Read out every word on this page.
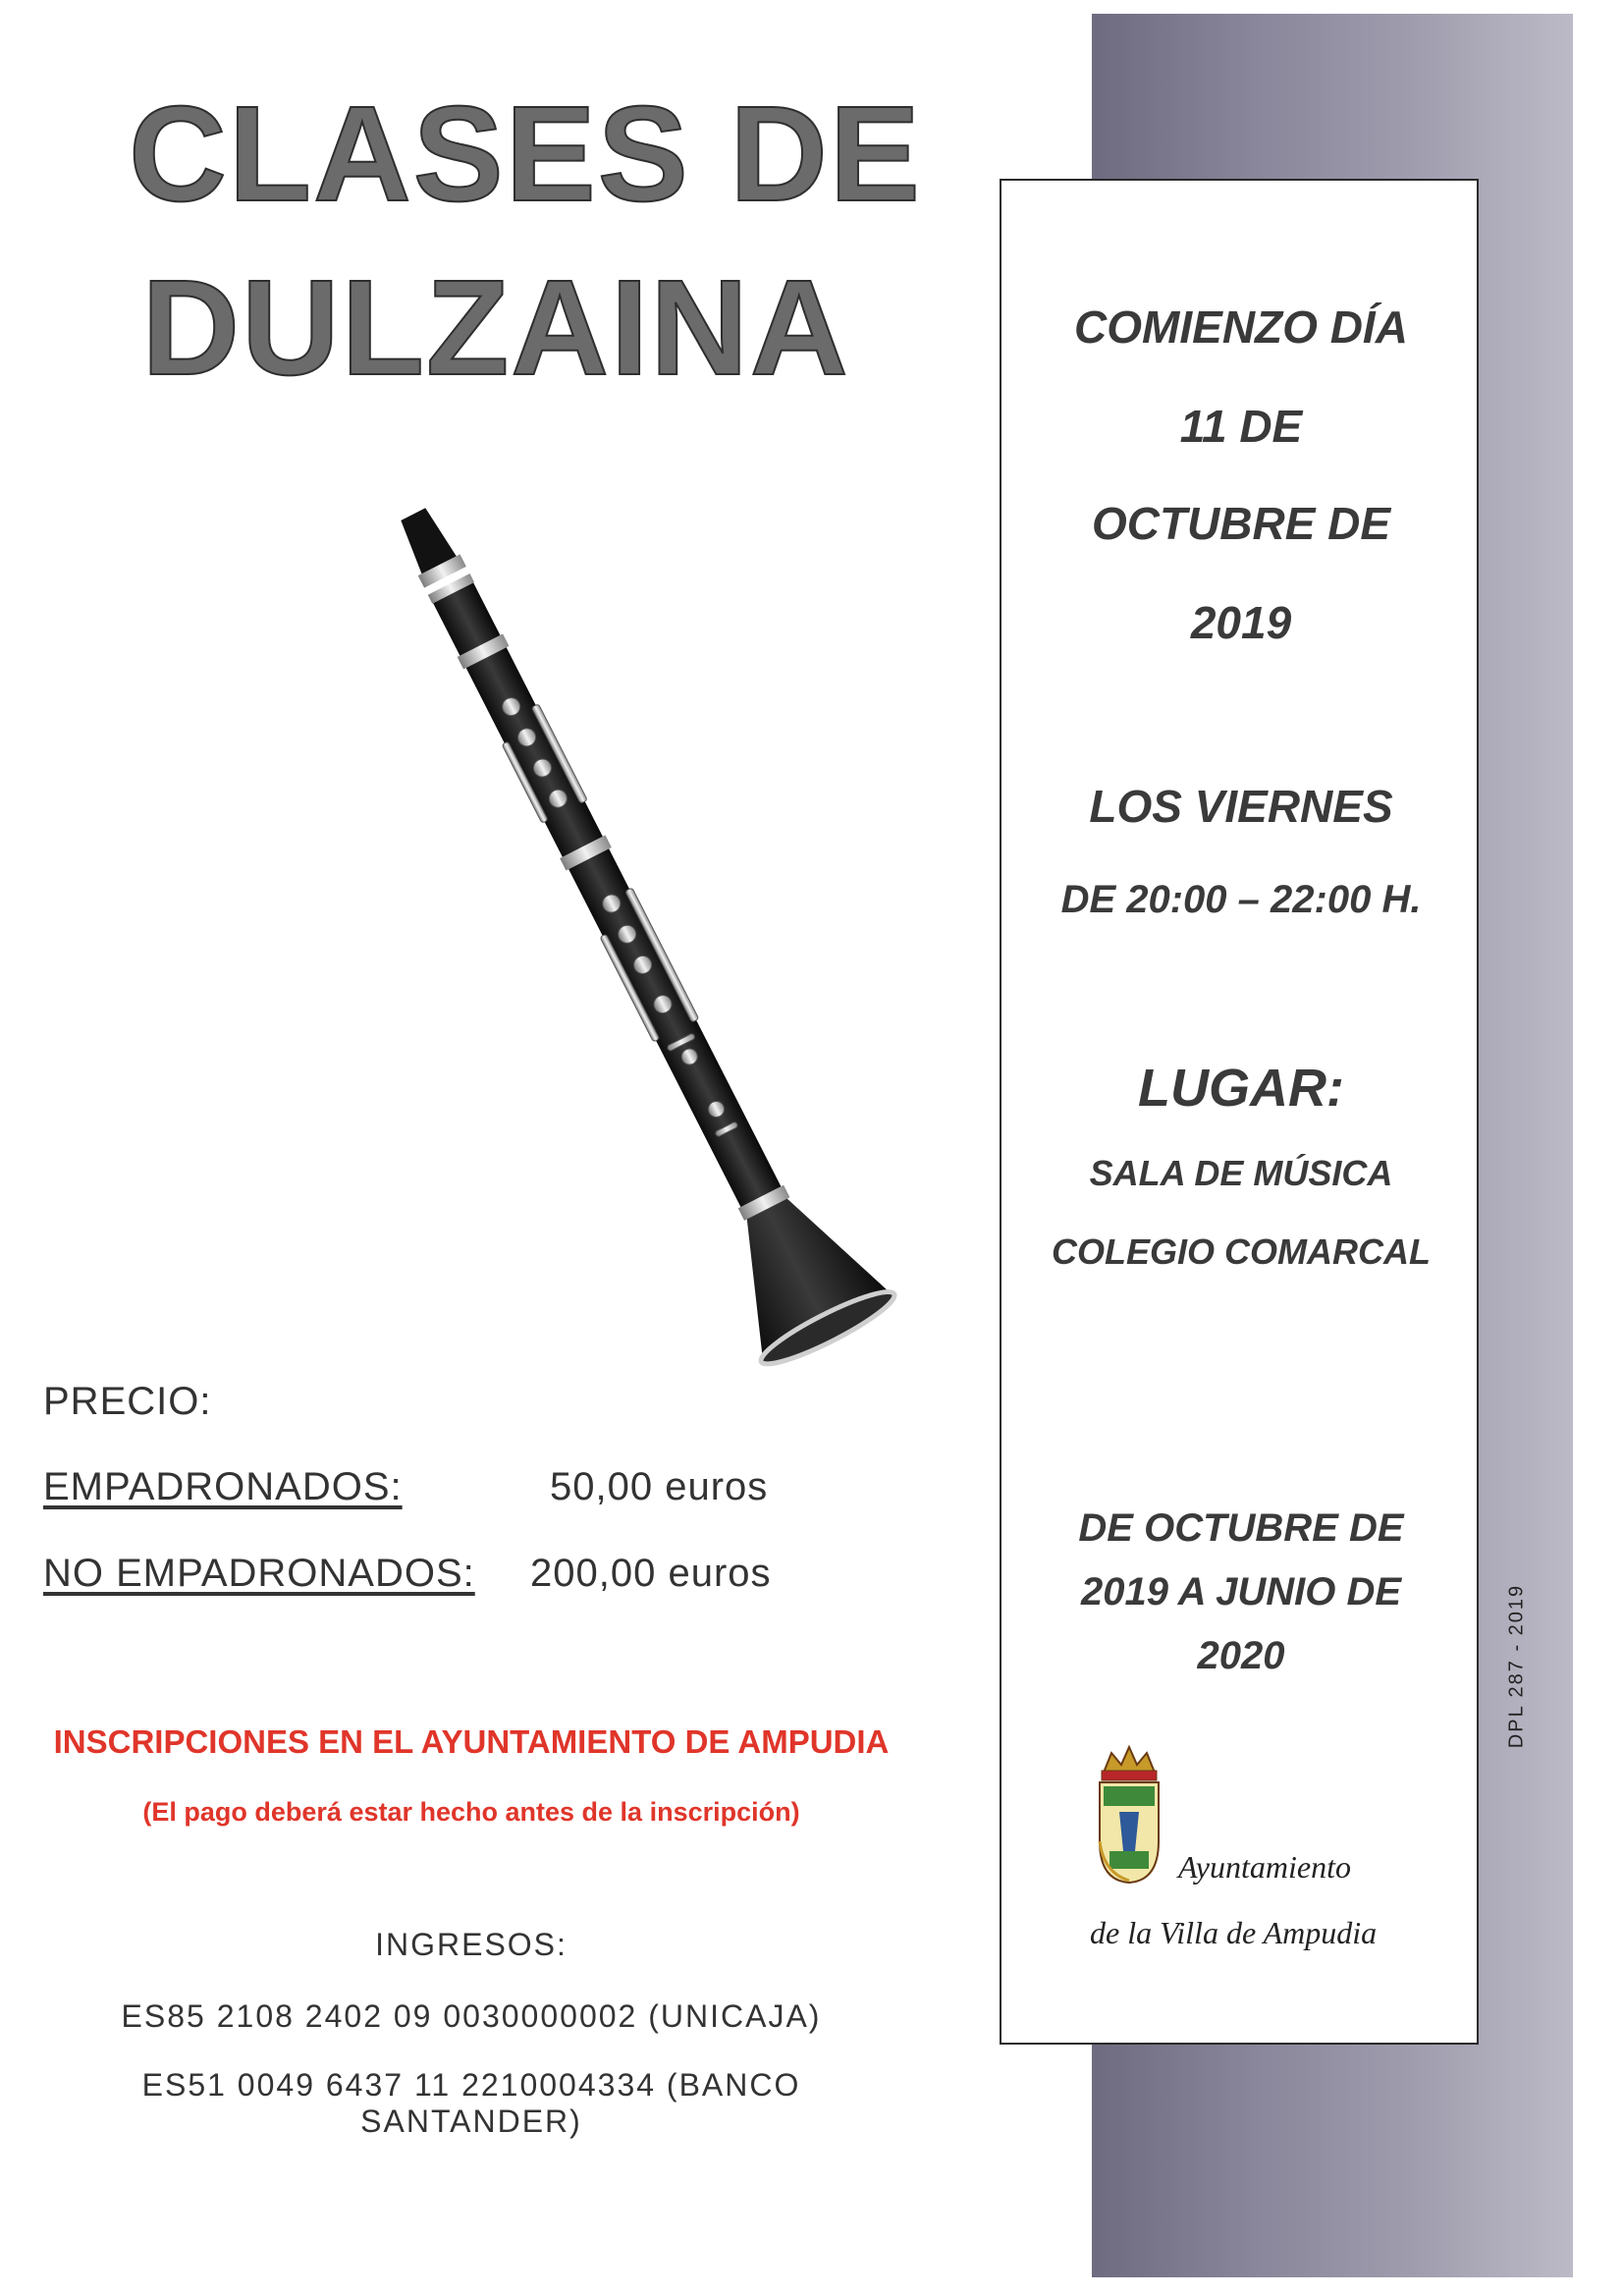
CLASES DE
DULZAINA	COMIENZO DÍA
11 DE
OCTUBRE DE
2019
LOS VIERNES
DE 20:00 – 22:00 H.
LUGAR:
SALA DE MÚSICA
COLEGIO COMARCAL
DE OCTUBRE DE
2019 A JUNIO DE
2020
Ayuntamiento
de la Villa de Ampudia
DPL 287 - 2019
PRECIO:
EMPADRONADOS:	50,00 euros
NO EMPADRONADOS: 200,00 euros
INSCRIPCIONES EN EL AYUNTAMIENTO DE AMPUDIA
(El pago deberá estar hecho antes de la inscripción)
INGRESOS:
ES85 2108 2402 09 0030000002 (UNICAJA)
ES51 0049 6437 11 2210004334 (BANCO SANTANDER)
